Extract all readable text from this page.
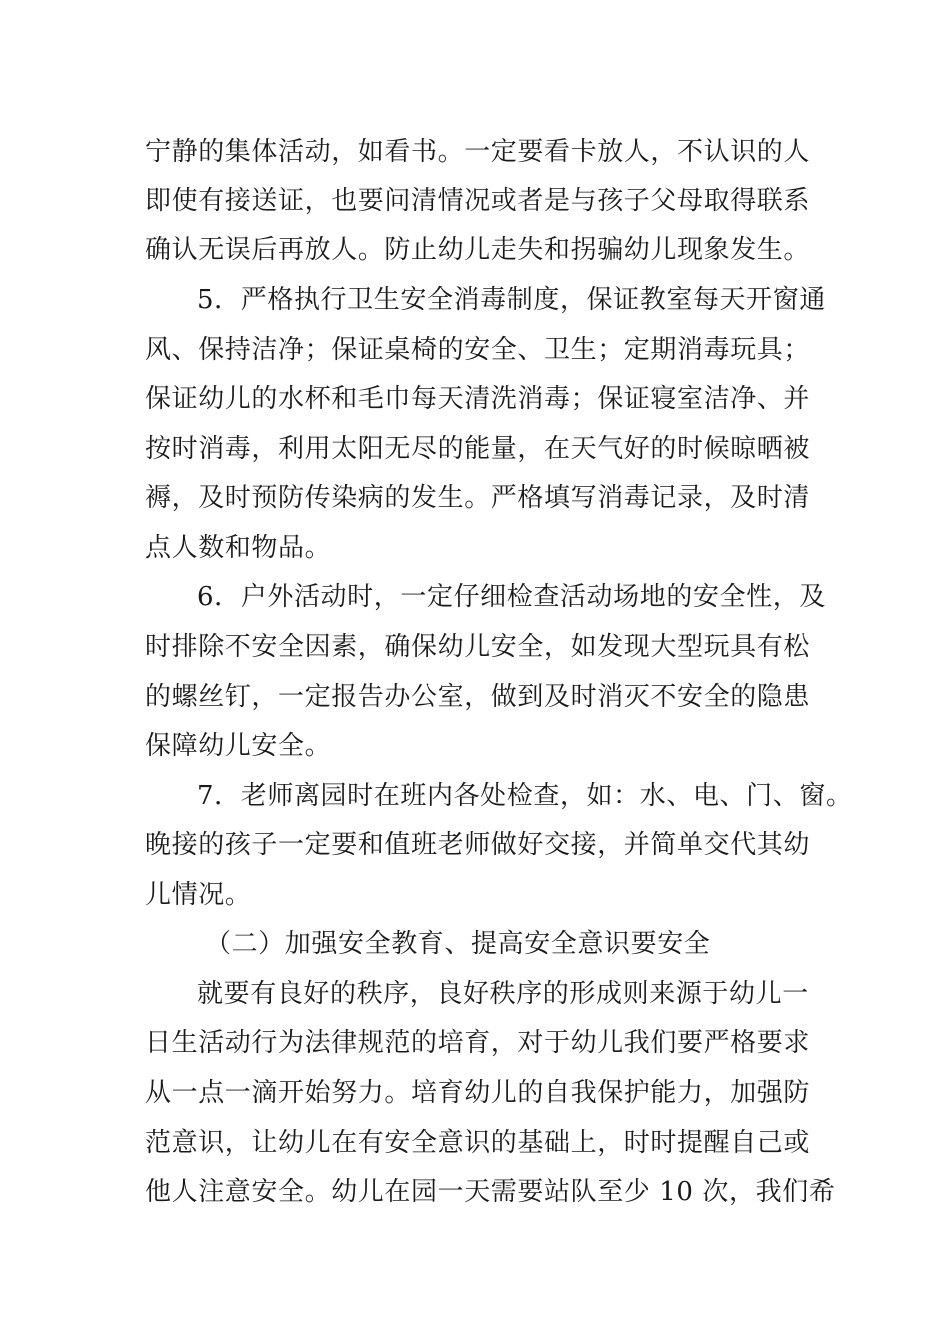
宁静的集体活动，如看书。一定要看卡放人，不认识的人
即使有接送证，也要问清情况或者是与孩子父母取得联系
确认无误后再放人。防止幼儿走失和拐骗幼儿现象发生。
5．严格执行卫生安全消毒制度，保证教室每天开窗通
风、保持洁净；保证桌椅的安全、卫生；定期消毒玩具；
保证幼儿的水杯和毛巾每天清洗消毒；保证寝室洁净、并
按时消毒，利用太阳无尽的能量，在天气好的时候晾晒被
褥，及时预防传染病的发生。严格填写消毒记录，及时清
点人数和物品。
6．户外活动时，一定仔细检查活动场地的安全性，及
时排除不安全因素，确保幼儿安全，如发现大型玩具有松
的螺丝钉，一定报告办公室，做到及时消灭不安全的隐患
保障幼儿安全。
7．老师离园时在班内各处检查，如：水、电、门、窗。
晚接的孩子一定要和值班老师做好交接，并简单交代其幼
儿情况。
（二）加强安全教育、提高安全意识要安全
就要有良好的秩序，良好秩序的形成则来源于幼儿一
日生活动行为法律规范的培育，对于幼儿我们要严格要求
从一点一滴开始努力。培育幼儿的自我保护能力，加强防
范意识，让幼儿在有安全意识的基础上，时时提醒自己或
他人注意安全。幼儿在园一天需要站队至少 10 次，我们希
